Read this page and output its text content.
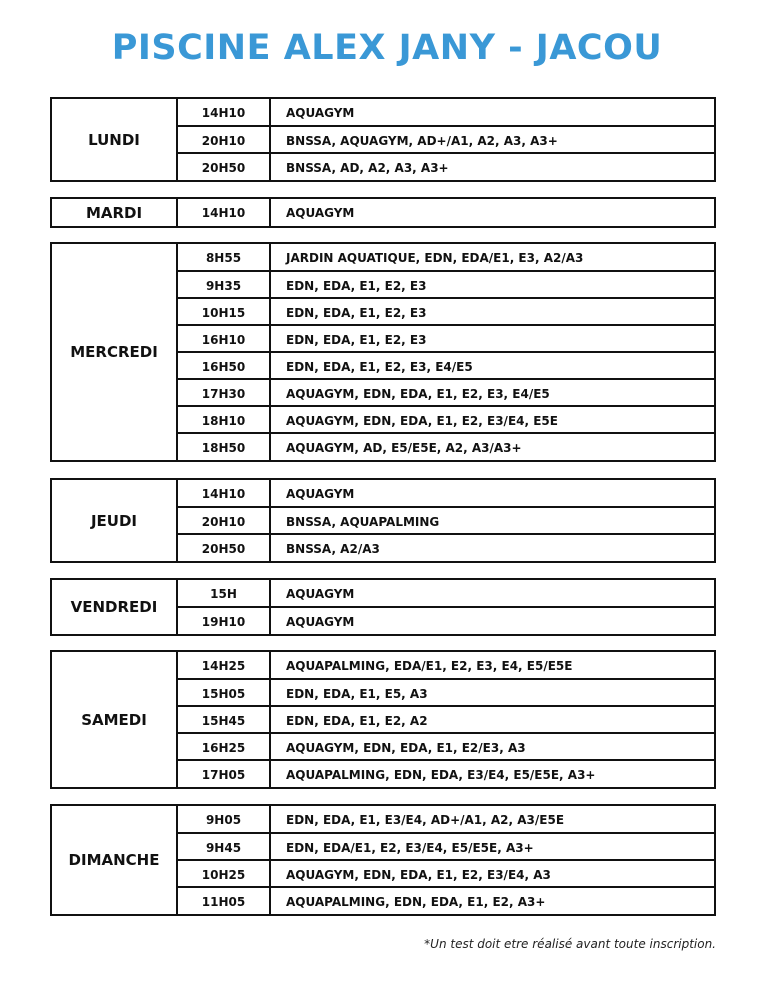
PISCINE ALEX JANY - JACOU
LUNDI
14H10	AQUAGYM
20H10	BNSSA, AQUAGYM, AD+/A1, A2, A3, A3+
20H50	BNSSA, AD, A2, A3, A3+
MARDI	14H10	AQUAGYM
MERCREDI
8H55	JARDIN AQUATIQUE, EDN, EDA/E1, E3, A2/A3
9H35	EDN, EDA, E1, E2, E3
10H15	EDN, EDA, E1, E2, E3
16H10	EDN, EDA, E1, E2, E3
16H50	EDN, EDA, E1, E2, E3, E4/E5
17H30	AQUAGYM, EDN, EDA, E1, E2, E3, E4/E5
18H10	AQUAGYM, EDN, EDA, E1, E2, E3/E4, E5E
18H50	AQUAGYM, AD, E5/E5E, A2, A3/A3+
JEUDI
14H10	AQUAGYM
20H10	BNSSA, AQUAPALMING
20H50	BNSSA, A2/A3
VENDREDI
15H	AQUAGYM
19H10	AQUAGYM
SAMEDI
14H25	AQUAPALMING, EDA/E1, E2, E3, E4, E5/E5E
15H05	EDN, EDA, E1, E5, A3
15H45	EDN, EDA, E1, E2, A2
16H25	AQUAGYM, EDN, EDA, E1, E2/E3, A3
17H05	AQUAPALMING, EDN, EDA, E3/E4, E5/E5E, A3+
DIMANCHE
9H05	EDN, EDA, E1, E3/E4, AD+/A1, A2, A3/E5E
9H45	EDN, EDA/E1, E2, E3/E4, E5/E5E, A3+
10H25	AQUAGYM, EDN, EDA, E1, E2, E3/E4, A3
11H05	AQUAPALMING, EDN, EDA, E1, E2, A3+
*Un test doit etre réalisé avant toute inscription.
